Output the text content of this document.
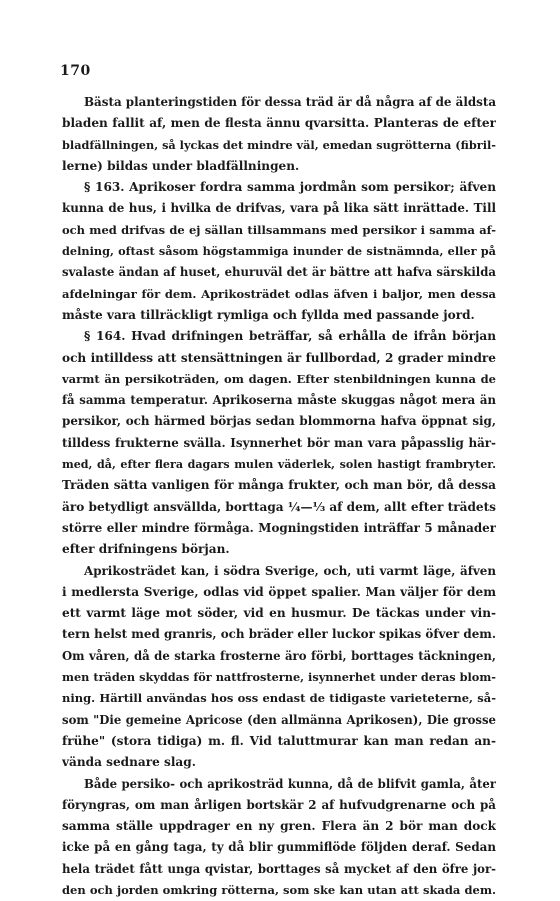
170
Bästa planteringstiden för dessa träd är då några af de äldsta
bladen fallit af, men de flesta ännu qvarsitta. Planteras de efter
bladfällningen, så lyckas det mindre väl, emedan sugrötterna (fibril-
lerne) bildas under bladfällningen.
§ 163. Aprikoser fordra samma jordmån som persikor; äfven
kunna de hus, i hvilka de drifvas, vara på lika sätt inrättade. Till
och med drifvas de ej sällan tillsammans med persikor i samma af-
delning, oftast såsom högstammiga inunder de sistnämnda, eller på
svalaste ändan af huset, ehuruväl det är bättre att hafva särskilda
afdelningar för dem. Aprikosträdet odlas äfven i baljor, men dessa
måste vara tillräckligt rymliga och fyllda med passande jord.
§ 164. Hvad drifningen beträffar, så erhålla de ifrån början
och intilldess att stensättningen är fullbordad, 2 grader mindre
varmt än persikoträden, om dagen. Efter stenbildningen kunna de
få samma temperatur. Aprikoserna måste skuggas något mera än
persikor, och härmed börjas sedan blommorna hafva öppnat sig,
tilldess frukterne svälla. Isynnerhet bör man vara påpasslig här-
med, då, efter flera dagars mulen väderlek, solen hastigt frambryter.
Träden sätta vanligen för många frukter, och man bör, då dessa
äro betydligt ansvällda, borttaga ¼—⅓ af dem, allt efter trädets
större eller mindre förmåga. Mogningstiden inträffar 5 månader
efter drifningens början.
Aprikosträdet kan, i södra Sverige, och, uti varmt läge, äfven
i medlersta Sverige, odlas vid öppet spalier. Man väljer för dem
ett varmt läge mot söder, vid en husmur. De täckas under vin-
tern helst med granris, och bräder eller luckor spikas öfver dem.
Om våren, då de starka frosterne äro förbi, borttages täckningen,
men träden skyddas för nattfrosterne, isynnerhet under deras blom-
ning. Härtill användas hos oss endast de tidigaste varieteterne, så-
som "Die gemeine Apricose (den allmänna Aprikosen), Die grosse
frühe" (stora tidiga) m. fl. Vid taluttmurar kan man redan an-
vända sednare slag.
Både persiko- och aprikosträd kunna, då de blifvit gamla, åter
föryngras, om man årligen bortskär 2 af hufvudgrenarne och på
samma ställe uppdrager en ny gren. Flera än 2 bör man dock
icke på en gång taga, ty då blir gummiflöde följden deraf. Sedan
hela trädet fått unga qvistar, borttages så mycket af den öfre jor-
den och jorden omkring rötterna, som ske kan utan att skada dem.
